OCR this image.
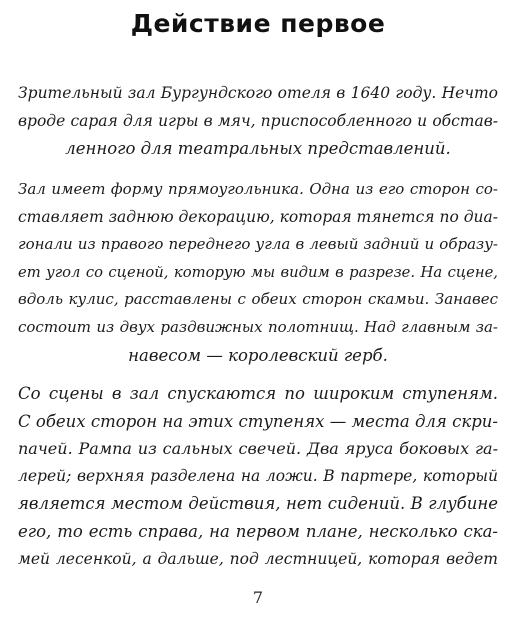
Действие первое
Зрительный зал Бургундского отеля в 1640 году. Нечто
вроде сарая для игры в мяч, приспособленного и обстав-
ленного для театральных представлений.
Зал имеет форму прямоугольника. Одна из его сторон со-
ставляет заднюю декорацию, которая тянется по диа-
гонали из правого переднего угла в левый задний и образу-
ет угол со сценой, которую мы видим в разрезе. На сцене,
вдоль кулис, расставлены с обеих сторон скамьи. Занавес
состоит из двух раздвижных полотнищ. Над главным за-
навесом — королевский герб.
Со сцены в зал спускаются по широким ступеням.
С обеих сторон на этих ступенях — места для скри-
пачей. Рампа из сальных свечей. Два яруса боковых га-
лерей; верхняя разделена на ложи. В партере, который
является местом действия, нет сидений. В глубине
его, то есть справа, на первом плане, несколько ска-
мей лесенкой, а дальше, под лестницей, которая ведет
7
